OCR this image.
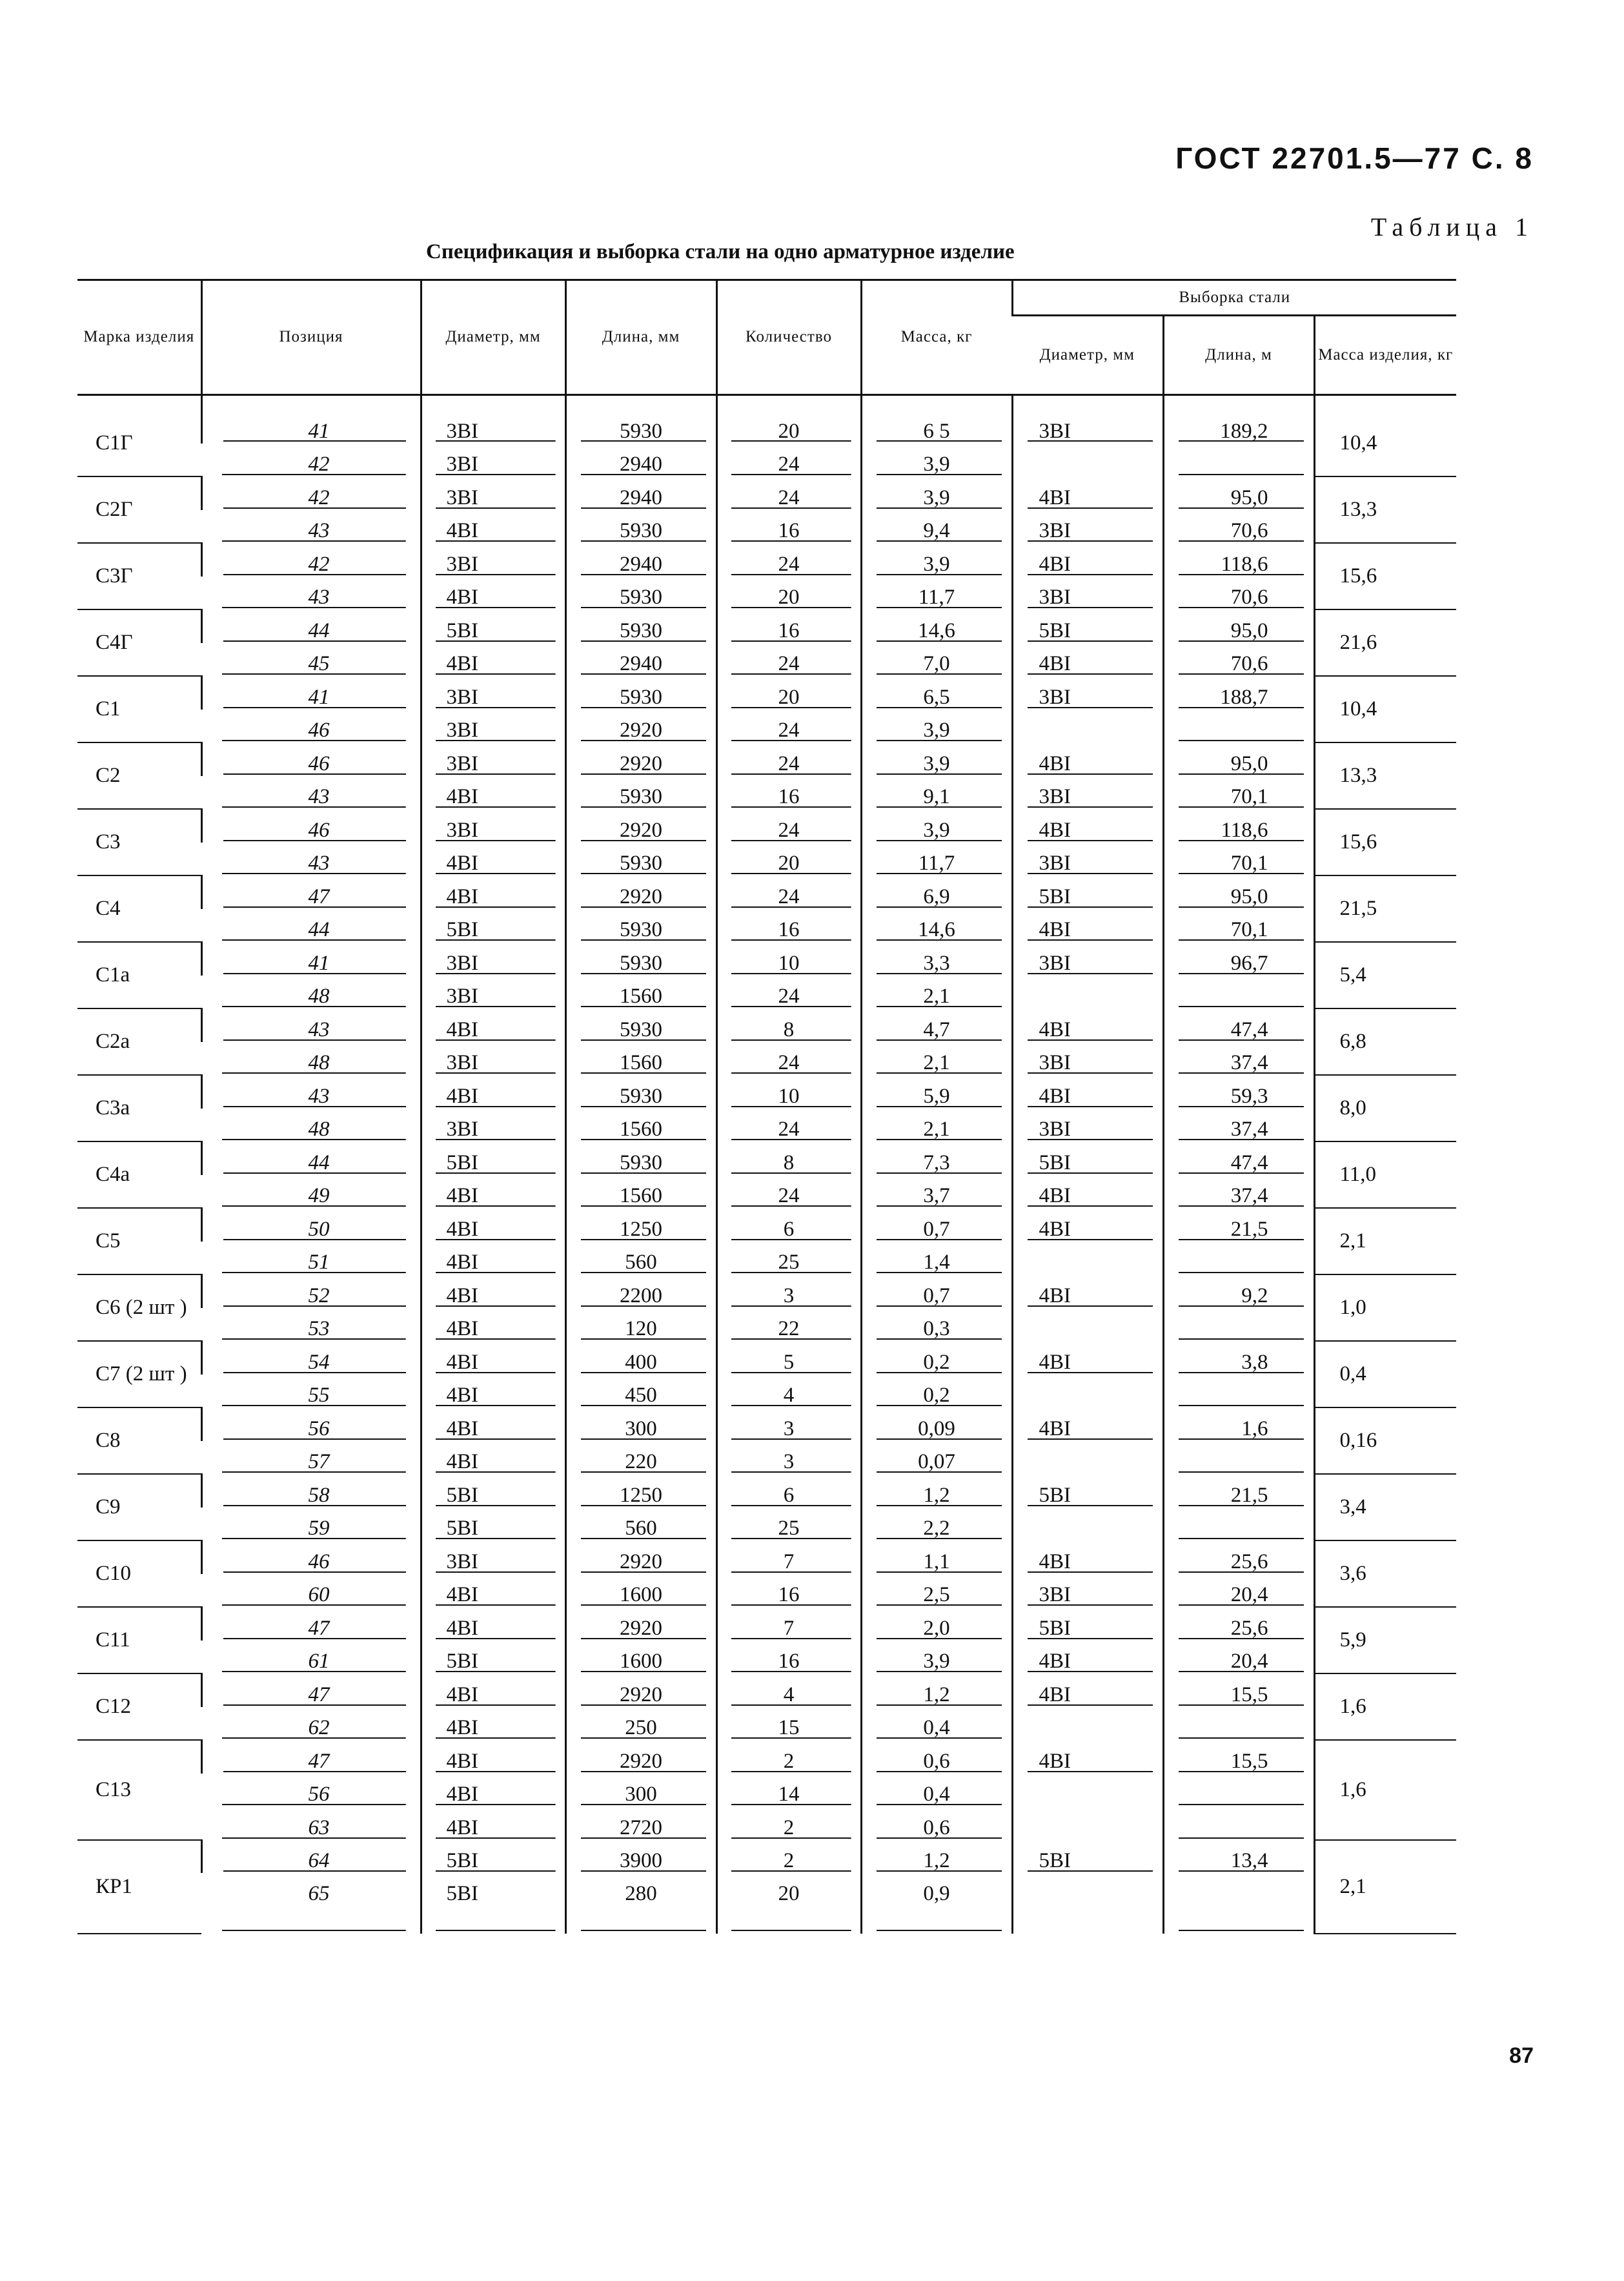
ГОСТ 22701.5—77 С. 8
Таблица 1
Спецификация и выборка стали на одно арматурное изделие
Марка изделия	Позиция	Диаметр, мм	Длина, мм	Количество	Масса, кг	Выборка стали		
						Диаметр, мм	Длина, м	Масса изделия, кг
С1Г	41	3ВI	5930	20	6 5	3ВI	189,2	10,4
	42	3ВI	2940	24	3,9			
С2Г	42	3ВI	2940	24	3,9	4ВI	95,0	13,3
	43	4ВI	5930	16	9,4	3ВI	70,6	
С3Г	42	3ВI	2940	24	3,9	4ВI	118,6	15,6
	43	4ВI	5930	20	11,7	3ВI	70,6	
С4Г	44	5ВI	5930	16	14,6	5ВI	95,0	21,6
	45	4ВI	2940	24	7,0	4ВI	70,6	
С1	41	3ВI	5930	20	6,5	3ВI	188,7	10,4
	46	3ВI	2920	24	3,9			
С2	46	3ВI	2920	24	3,9	4ВI	95,0	13,3
	43	4ВI	5930	16	9,1	3ВI	70,1	
С3	46	3ВI	2920	24	3,9	4ВI	118,6	15,6
	43	4ВI	5930	20	11,7	3ВI	70,1	
С4	47	4ВI	2920	24	6,9	5ВI	95,0	21,5
	44	5ВI	5930	16	14,6	4ВI	70,1	
С1а	41	3ВI	5930	10	3,3	3ВI	96,7	5,4
	48	3ВI	1560	24	2,1			
С2а	43	4ВI	5930	8	4,7	4ВI	47,4	6,8
	48	3ВI	1560	24	2,1	3ВI	37,4	
С3а	43	4ВI	5930	10	5,9	4ВI	59,3	8,0
	48	3ВI	1560	24	2,1	3ВI	37,4	
С4а	44	5ВI	5930	8	7,3	5ВI	47,4	11,0
	49	4ВI	1560	24	3,7	4ВI	37,4	
С5	50	4ВI	1250	6	0,7	4ВI	21,5	2,1
	51	4ВI	560	25	1,4			
С6 (2 шт )	52	4ВI	2200	3	0,7	4ВI	9,2	1,0
	53	4ВI	120	22	0,3			
С7 (2 шт )	54	4ВI	400	5	0,2	4ВI	3,8	0,4
	55	4ВI	450	4	0,2			
С8	56	4ВI	300	3	0,09	4ВI	1,6	0,16
	57	4ВI	220	3	0,07			
С9	58	5ВI	1250	6	1,2	5ВI	21,5	3,4
	59	5ВI	560	25	2,2			
С10	46	3ВI	2920	7	1,1	4ВI	25,6	3,6
	60	4ВI	1600	16	2,5	3ВI	20,4	
С11	47	4ВI	2920	7	2,0	5ВI	25,6	5,9
	61	5ВI	1600	16	3,9	4ВI	20,4	
С12	47	4ВI	2920	4	1,2	4ВI	15,5	1,6
	62	4ВI	250	15	0,4			
С13	47	4ВI	2920	2	0,6	4ВI	15,5	1,6
	56	4ВI	300	14	0,4			
	63	4ВI	2720	2	0,6			
КР1	64	5ВI	3900	2	1,2	5ВI	13,4	2,1
	65	5ВI	280	20	0,9			
87
